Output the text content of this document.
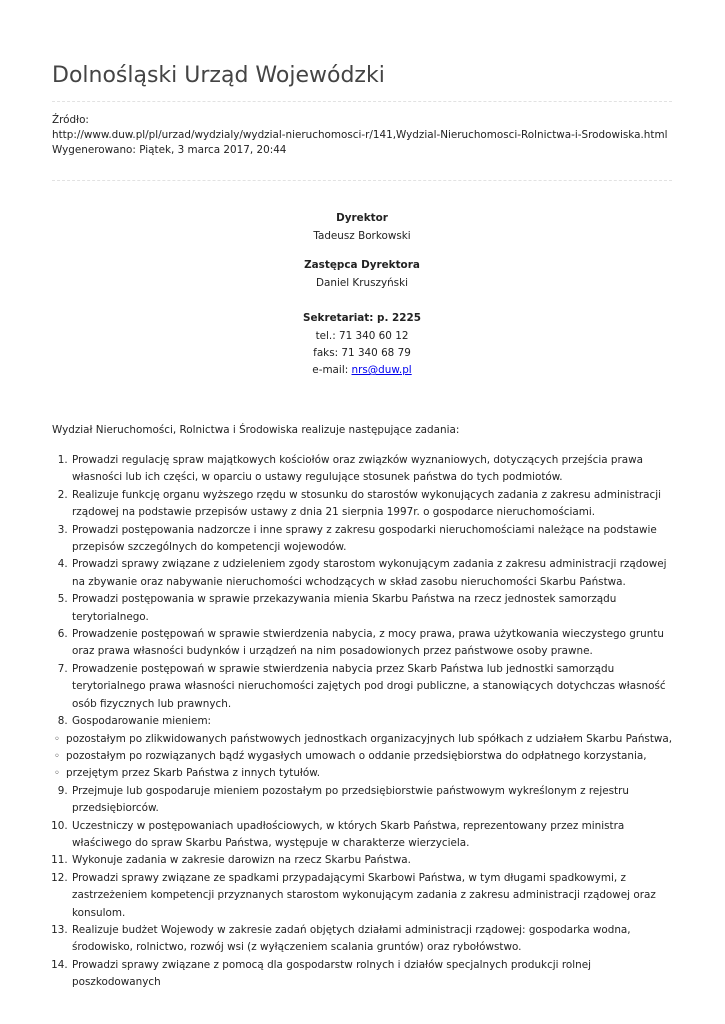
Dolnośląski Urząd Wojewódzki
Źródło:
http://www.duw.pl/pl/urzad/wydzialy/wydzial-nieruchomosci-r/141,Wydzial-Nieruchomosci-Rolnictwa-i-Srodowiska.html
Wygenerowano: Piątek, 3 marca 2017, 20:44
Dyrektor
Tadeusz Borkowski
Zastępca Dyrektora
Daniel Kruszyński
Sekretariat: p. 2225
tel.: 71 340 60 12
faks: 71 340 68 79
e-mail: nrs@duw.pl
Wydział Nieruchomości, Rolnictwa i Środowiska realizuje następujące zadania:
1. Prowadzi regulację spraw majątkowych kościołów oraz związków wyznaniowych, dotyczących przejścia prawa własności lub ich części, w oparciu o ustawy regulujące stosunek państwa do tych podmiotów.
2. Realizuje funkcję organu wyższego rzędu w stosunku do starostów wykonujących zadania z zakresu administracji rządowej na podstawie przepisów ustawy z dnia 21 sierpnia 1997r. o gospodarce nieruchomościami.
3. Prowadzi postępowania nadzorcze i inne sprawy z zakresu gospodarki nieruchomościami należące na podstawie przepisów szczególnych do kompetencji wojewodów.
4. Prowadzi sprawy związane z udzieleniem zgody starostom wykonującym zadania z zakresu administracji rządowej na zbywanie oraz nabywanie nieruchomości wchodzących w skład zasobu nieruchomości Skarbu Państwa.
5. Prowadzi postępowania w sprawie przekazywania mienia Skarbu Państwa na rzecz jednostek samorządu terytorialnego.
6. Prowadzenie postępowań w sprawie stwierdzenia nabycia, z mocy prawa, prawa użytkowania wieczystego gruntu oraz prawa własności budynków i urządzeń na nim posadowionych przez państwowe osoby prawne.
7. Prowadzenie postępowań w sprawie stwierdzenia nabycia przez Skarb Państwa lub jednostki samorządu terytorialnego prawa własności nieruchomości zajętych pod drogi publiczne, a stanowiących dotychczas własność osób fizycznych lub prawnych.
8. Gospodarowanie mieniem:
◦ pozostałym po zlikwidowanych państwowych jednostkach organizacyjnych lub spółkach z udziałem Skarbu Państwa,
◦ pozostałym po rozwiązanych bądź wygasłych umowach o oddanie przedsiębiorstwa do odpłatnego korzystania,
◦ przejętym przez Skarb Państwa z innych tytułów.
9. Przejmuje lub gospodaruje mieniem pozostałym po przedsiębiorstwie państwowym wykreślonym z rejestru przedsiębiorców.
10. Uczestniczy w postępowaniach upadłościowych, w których Skarb Państwa, reprezentowany przez ministra właściwego do spraw Skarbu Państwa, występuje w charakterze wierzyciela.
11. Wykonuje zadania w zakresie darowizn na rzecz Skarbu Państwa.
12. Prowadzi sprawy związane ze spadkami przypadającymi Skarbowi Państwa, w tym długami spadkowymi, z zastrzeżeniem kompetencji przyznanych starostom wykonującym zadania z zakresu administracji rządowej oraz konsulom.
13. Realizuje budżet Wojewody w zakresie zadań objętych działami administracji rządowej: gospodarka wodna, środowisko, rolnictwo, rozwój wsi (z wyłączeniem scalania gruntów) oraz rybołówstwo.
14. Prowadzi sprawy związane z pomocą dla gospodarstw rolnych i działów specjalnych produkcji rolnej poszkodowanych
